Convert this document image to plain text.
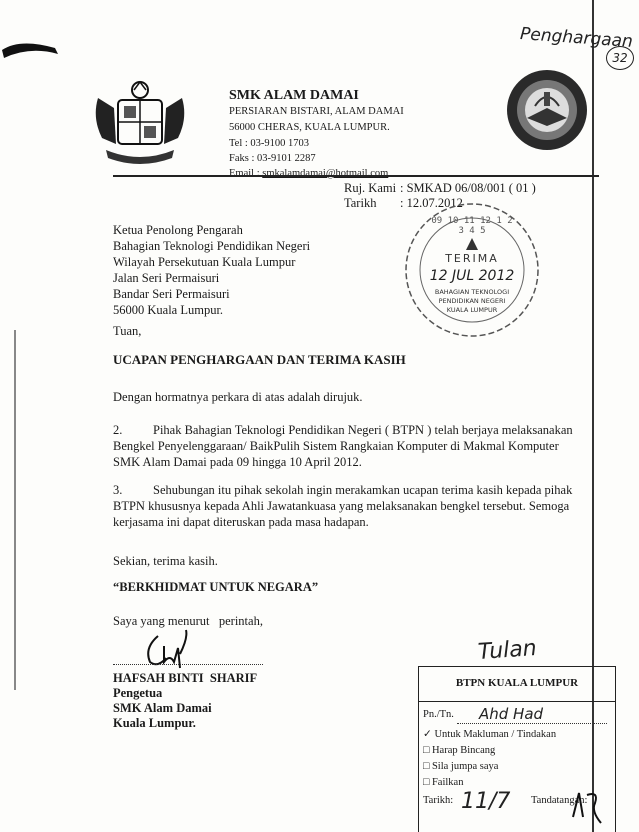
Penghargaan
32
SMK ALAM DAMAI
PERSIARAN BISTARI, ALAM DAMAI
56000 CHERAS, KUALA LUMPUR.
Tel : 03-9100 1703
Faks : 03-9101 2287
Email : smkalamdamai@hotmail.com
Ruj. Kami : SMKAD 06/08/001 ( 01 )
Tarikh : 12.07.2012
Ketua Penolong Pengarah
Bahagian Teknologi Pendidikan Negeri
Wilayah Persekutuan Kuala Lumpur
Jalan Seri Permaisuri
Bandar Seri Permaisuri
56000 Kuala Lumpur.
09 10 11 12 1 2 3 4 5
TERIMA
12 JUL 2012
BAHAGIAN TEKNOLOGI
PENDIDIKAN NEGERI
KUALA LUMPUR
Tuan,
UCAPAN PENGHARGAAN DAN TERIMA KASIH
Dengan hormatnya perkara di atas adalah dirujuk.
2. Pihak Bahagian Teknologi Pendidikan Negeri ( BTPN ) telah berjaya melaksanakan
Bengkel Penyelenggaraan/ BaikPulih Sistem Rangkaian Komputer di Makmal Komputer
SMK Alam Damai pada 09 hingga 10 April 2012.
3. Sehubungan itu pihak sekolah ingin merakamkan ucapan terima kasih kepada pihak
BTPN khususnya kepada Ahli Jawatankuasa yang melaksanakan bengkel tersebut. Semoga
kerjasama ini dapat diteruskan pada masa hadapan.
Sekian, terima kasih.
“BERKHIDMAT UNTUK NEGARA”
Saya yang menurut   perintah,
HAFSAH BINTI  SHARIF
Pengetua
SMK Alam Damai
Kuala Lumpur.
Tulan
BTPN KUALA LUMPUR
Pn./Tn. Ahd Had
✓ Untuk Makluman / Tindakan
□ Harap Bincang
□ Sila jumpa saya
□ Failkan
Tarikh: 11/7 Tandatangan:
